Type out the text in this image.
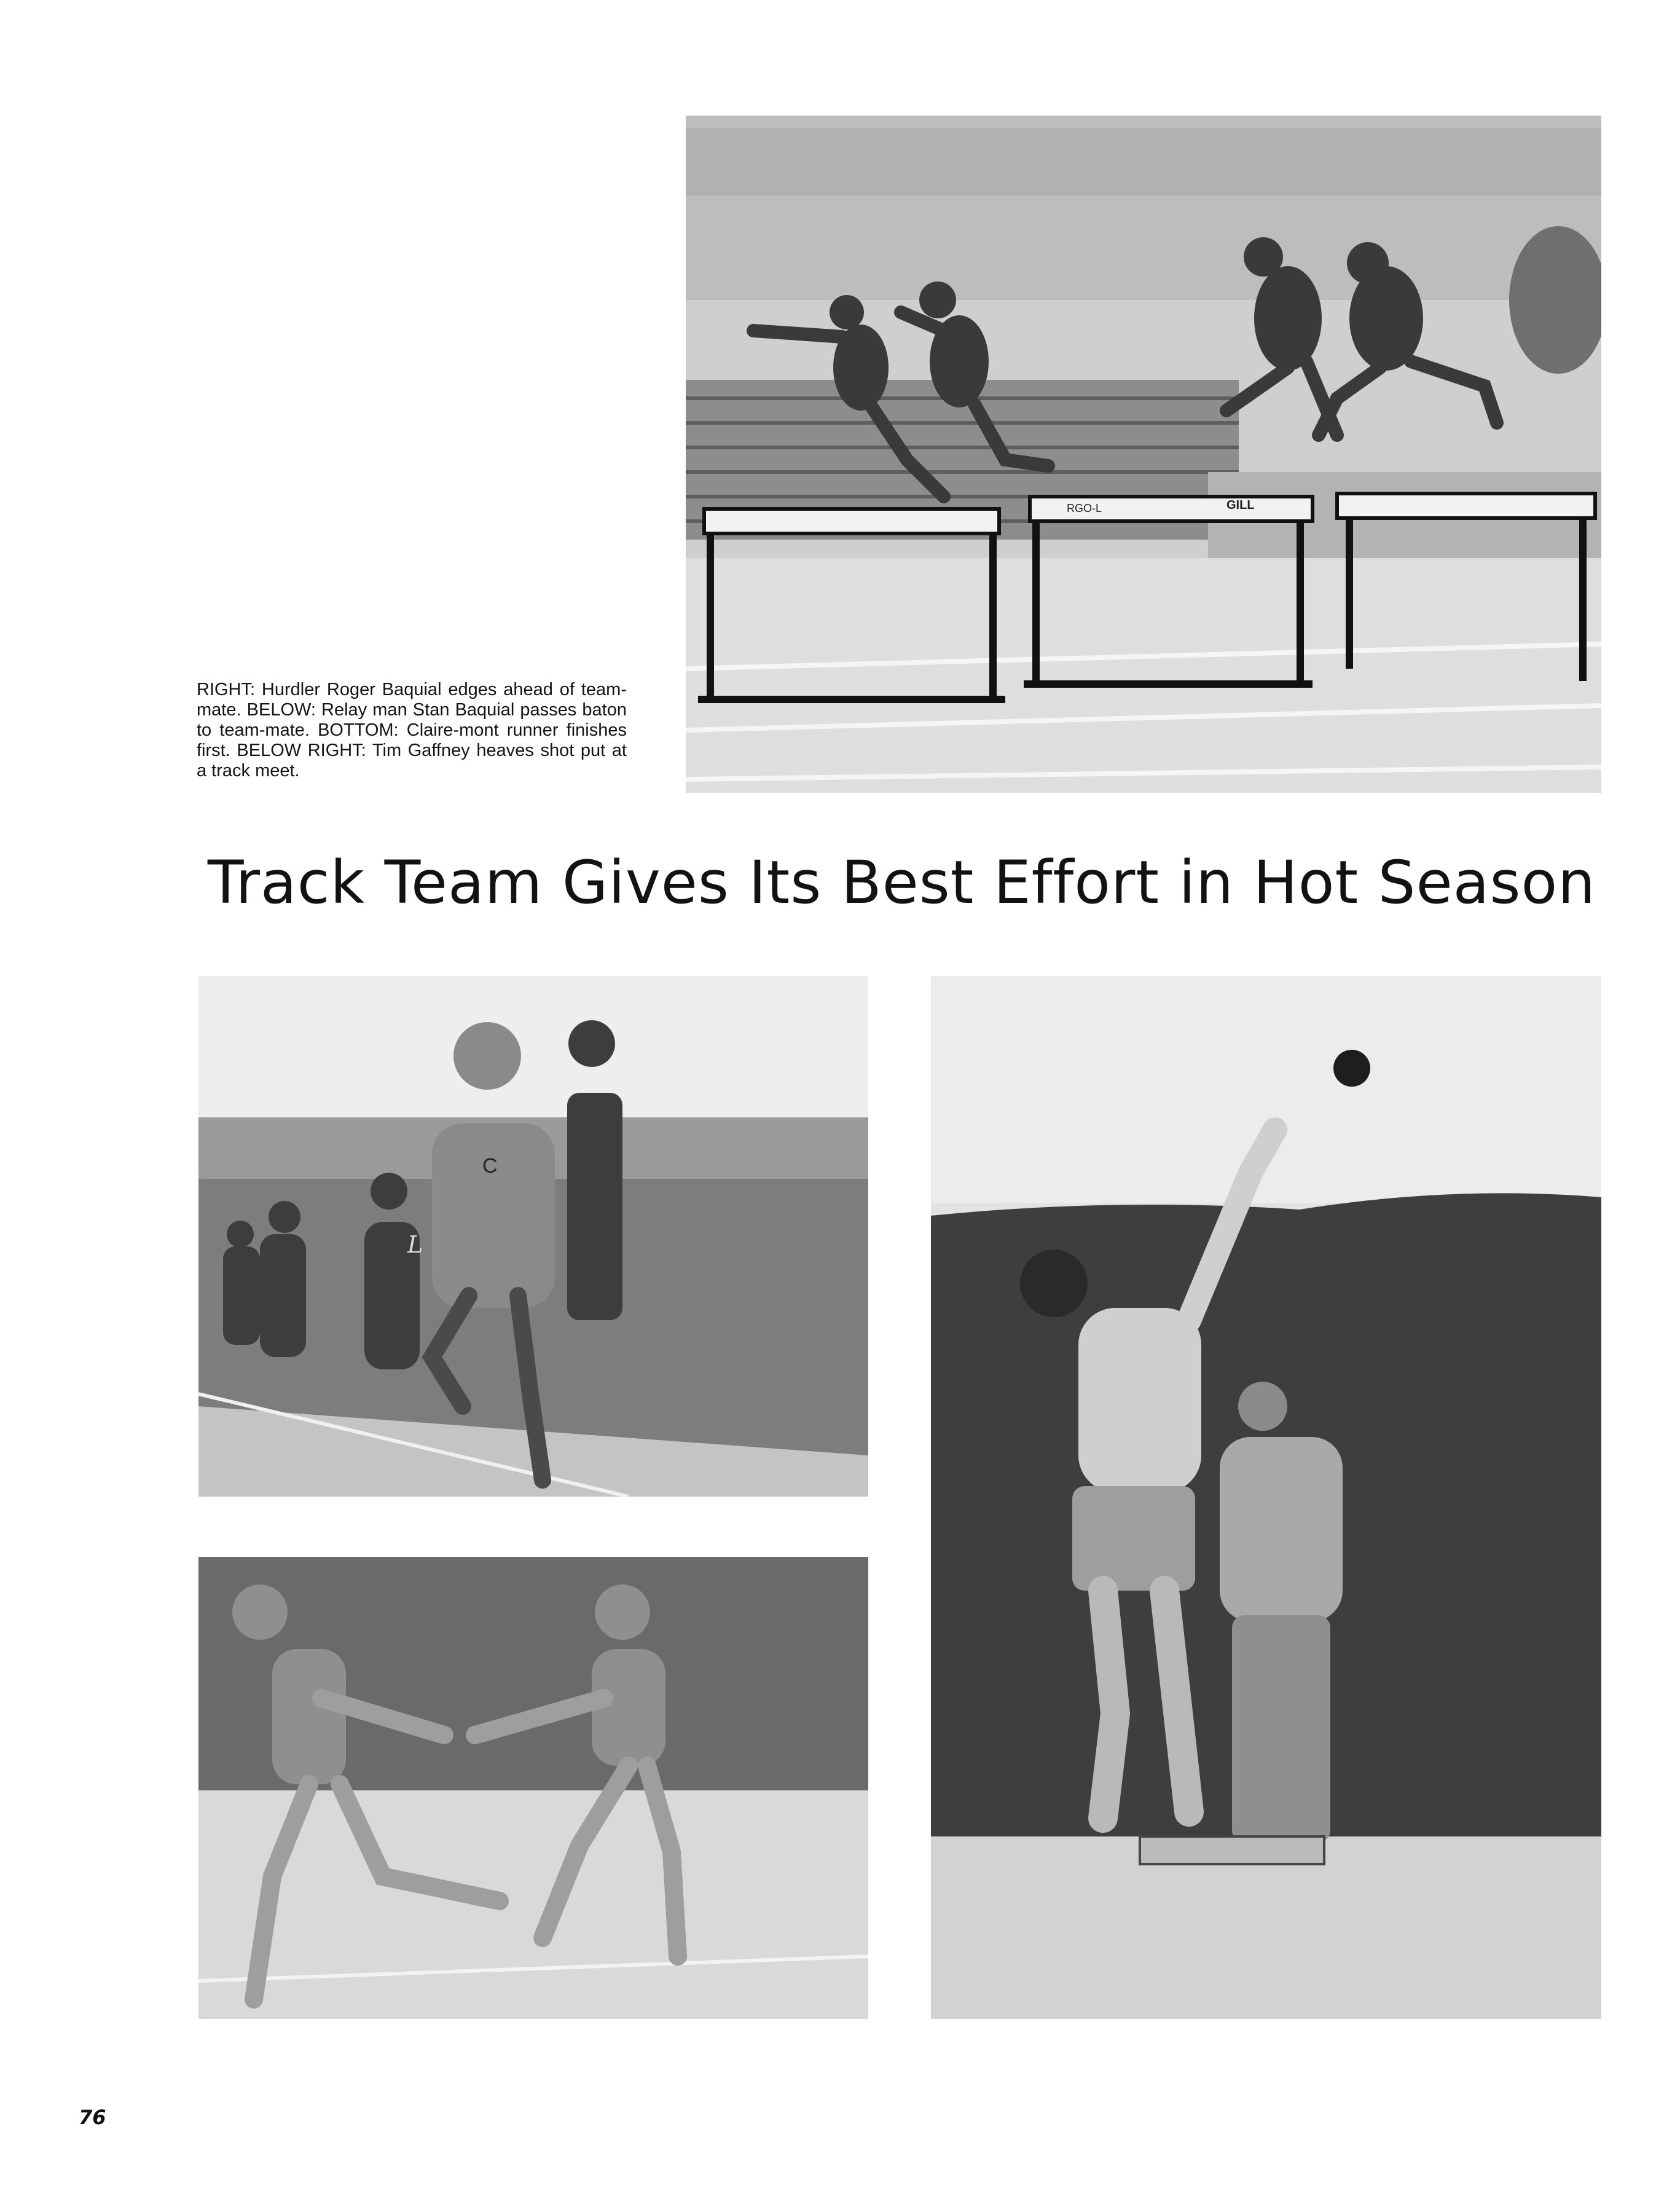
RGO-L	GILL
RIGHT: Hurdler Roger Baquial edges ahead of team-mate. BELOW: Relay man Stan Baquial passes baton to team-mate. BOTTOM: Claire-mont runner finishes first. BELOW RIGHT: Tim Gaffney heaves shot put at a track meet.
Track Team Gives Its Best Effort in Hot Season
C
L
76
